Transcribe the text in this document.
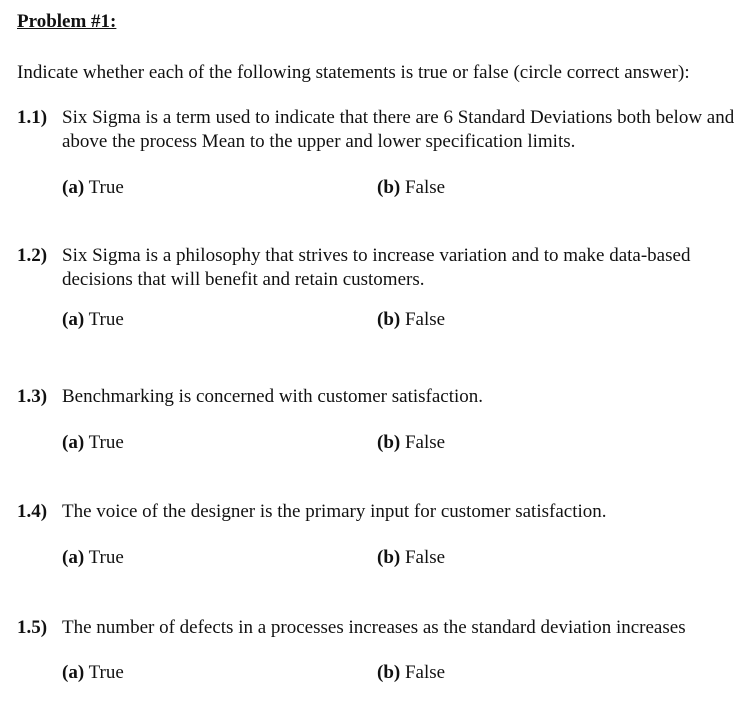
Problem #1:
Indicate whether each of the following statements is true or false (circle correct answer):
1.1) Six Sigma is a term used to indicate that there are 6 Standard Deviations both below and above the process Mean to the upper and lower specification limits.
(a) True	(b) False
1.2) Six Sigma is a philosophy that strives to increase variation and to make data-based decisions that will benefit and retain customers.
(a) True	(b) False
1.3) Benchmarking is concerned with customer satisfaction.
(a) True	(b) False
1.4) The voice of the designer is the primary input for customer satisfaction.
(a) True	(b) False
1.5) The number of defects in a processes increases as the standard deviation increases
(a) True	(b) False
